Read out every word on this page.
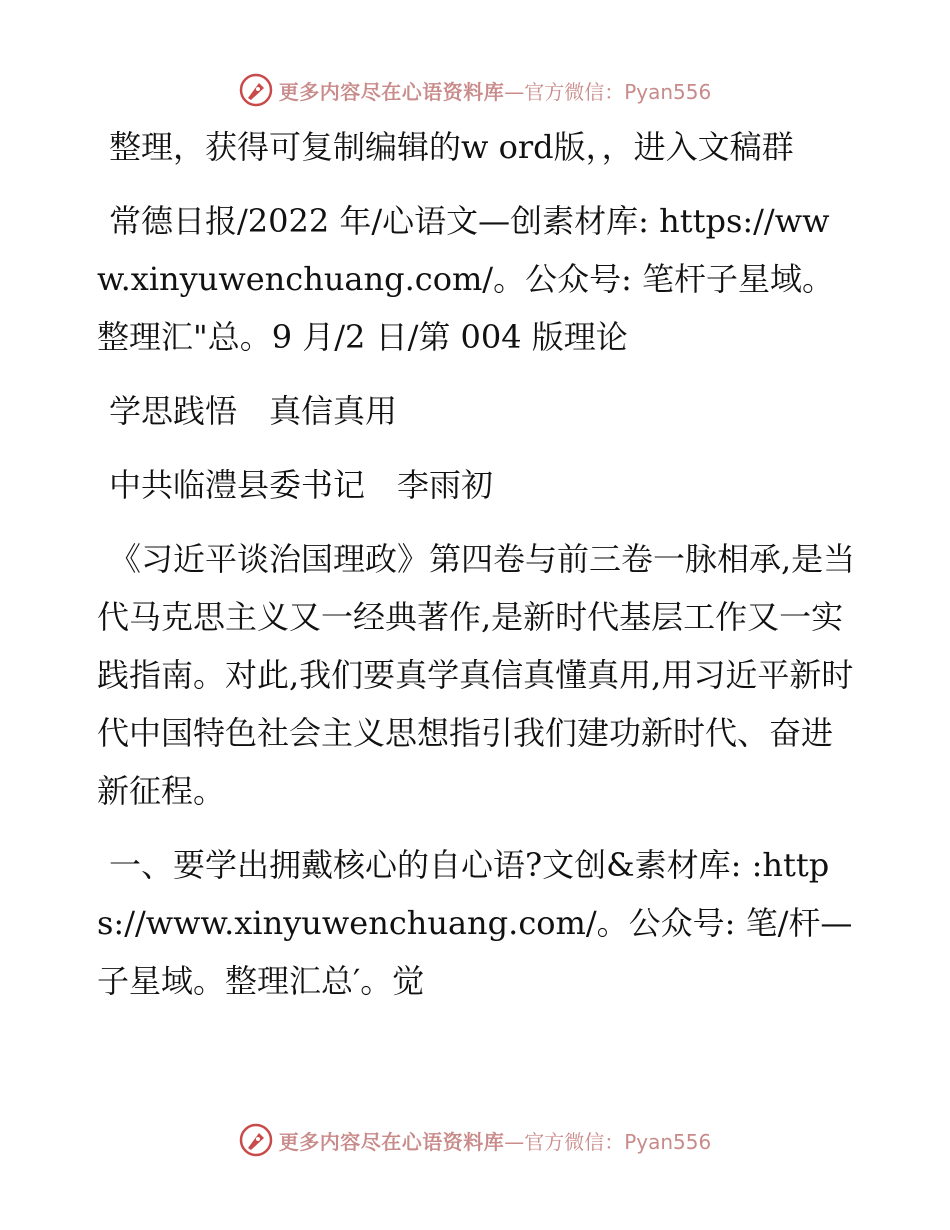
更多内容尽在心语资料库 —官方微信：Pyan556

整理，获得可复制编辑的w ord版，，进入文稿群

常德日报/2022 年/心语文—创素材库: https://www.xinyuwenchuang.com/。公众号: 笔杆子星域。整理汇"总。9 月/2 日/第 004 版理论

学思践悟　真信真用

中共临澧县委书记　李雨初

《习近平谈治国理政》第四卷与前三卷一脉相承,是当代马克思主义又一经典著作,是新时代基层工作又一实践指南。对此,我们要真学真信真懂真用,用习近平新时代中国特色社会主义思想指引我们建功新时代、奋进新征程。

一、要学出拥戴核心的自心语?文创&素材库: :https://www.xinyuwenchuang.com/。公众号: 笔/杆—子星域。整理汇总′。觉

更多内容尽在心语资料库 —官方微信：Pyan556
